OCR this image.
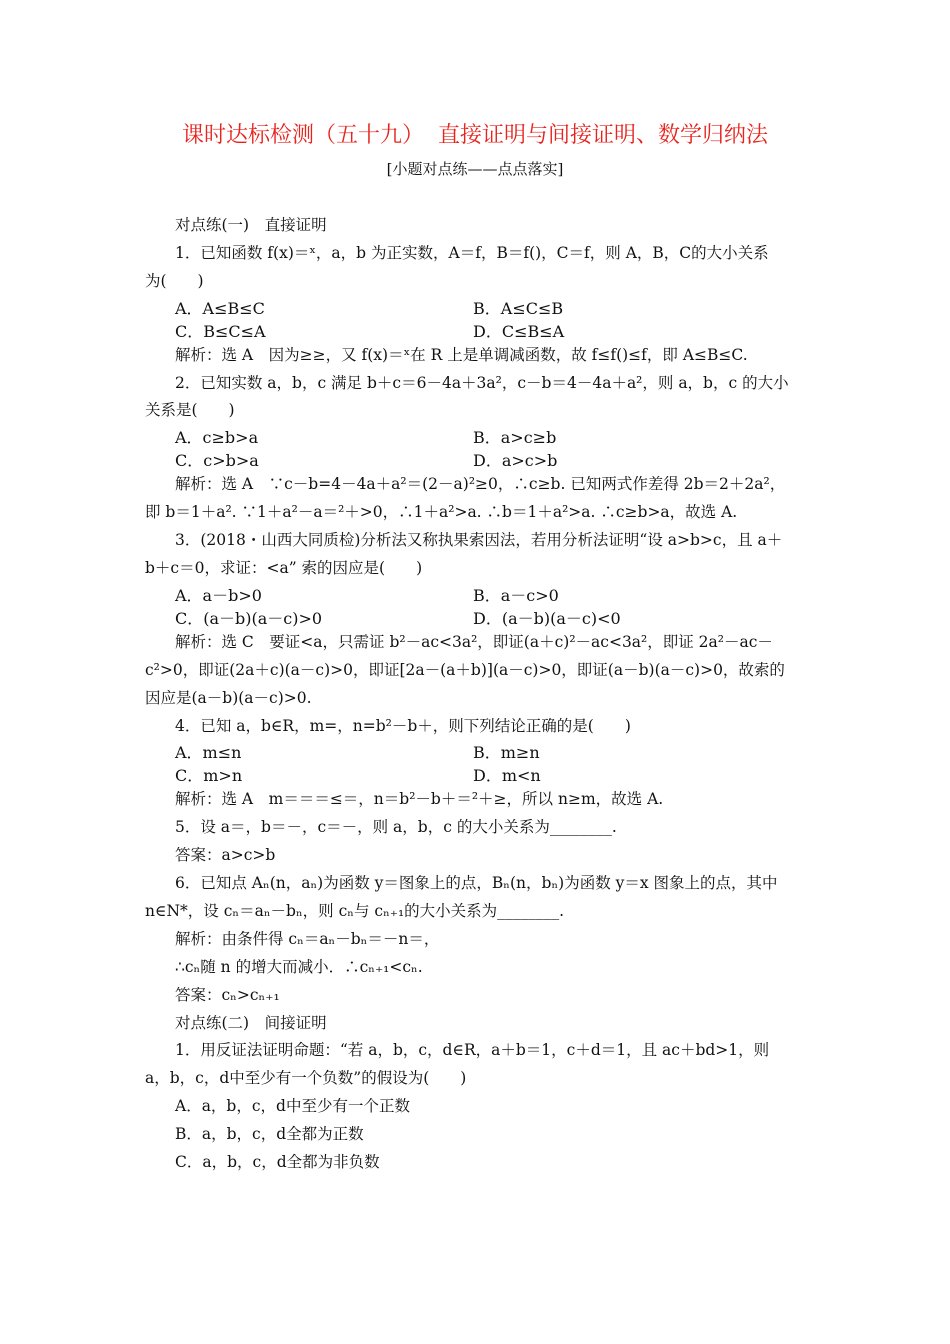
课时达标检测（五十九）  直接证明与间接证明、数学归纳法
[小题对点练——点点落实]
对点练(一)　直接证明
1．已知函数 f(x)＝ˣ，a，b 为正实数，A＝f，B＝f()，C＝f，则 A，B，C的大小关系
为(　　)
A．A≤B≤C	B．A≤C≤B
C．B≤C≤A	D．C≤B≤A
解析：选 A　因为≥≥，又 f(x)＝ˣ在 R 上是单调减函数，故 f≤f()≤f，即 A≤B≤C.
2．已知实数 a，b，c 满足 b＋c＝6－4a＋3a²，c－b＝4－4a＋a²，则 a，b，c 的大小
关系是(　　)
A．c≥b>a	B．a>c≥b
C．c>b>a	D．a>c>b
解析：选 A　∵c－b=4－4a＋a²＝(2－a)²≥0，∴c≥b. 已知两式作差得 2b＝2＋2a²，
即 b＝1＋a². ∵1＋a²－a＝²＋>0，∴1＋a²>a. ∴b＝1＋a²>a. ∴c≥b>a，故选 A.
3．(2018・山西大同质检)分析法又称执果索因法，若用分析法证明“设 a>b>c，且 a＋
b＋c＝0，求证：<a” 索的因应是(　　)
A．a－b>0	B．a－c>0
C．(a－b)(a－c)>0	D．(a－b)(a－c)<0
解析：选 C　要证<a，只需证 b²－ac<3a²，即证(a＋c)²－ac<3a²，即证 2a²－ac－
c²>0，即证(2a＋c)(a－c)>0，即证[2a－(a＋b)](a－c)>0，即证(a－b)(a－c)>0，故索的
因应是(a－b)(a－c)>0.
4．已知 a，b∈R，m=，n=b²－b＋，则下列结论正确的是(　　)
A．m≤n	B．m≥n
C．m>n	D．m<n
解析：选 A　m＝＝＝≤＝，n＝b²－b＋＝²＋≥，所以 n≥m，故选 A.
5．设 a＝，b＝－，c＝－，则 a，b，c 的大小关系为________.
答案：a>c>b
6．已知点 Aₙ(n，aₙ)为函数 y＝图象上的点，Bₙ(n，bₙ)为函数 y＝x 图象上的点，其中
n∈N*，设 cₙ＝aₙ－bₙ，则 cₙ与 cₙ₊₁的大小关系为________.
解析：由条件得 cₙ＝aₙ－bₙ＝－n＝，
∴cₙ随 n 的增大而减小．∴cₙ₊₁<cₙ.
答案：cₙ>cₙ₊₁
对点练(二)　间接证明
1．用反证法证明命题：“若 a，b，c，d∈R，a＋b＝1，c＋d＝1，且 ac＋bd>1，则
a，b，c，d中至少有一个负数”的假设为(　　)
A．a，b，c，d中至少有一个正数
B．a，b，c，d全都为正数
C．a，b，c，d全都为非负数
